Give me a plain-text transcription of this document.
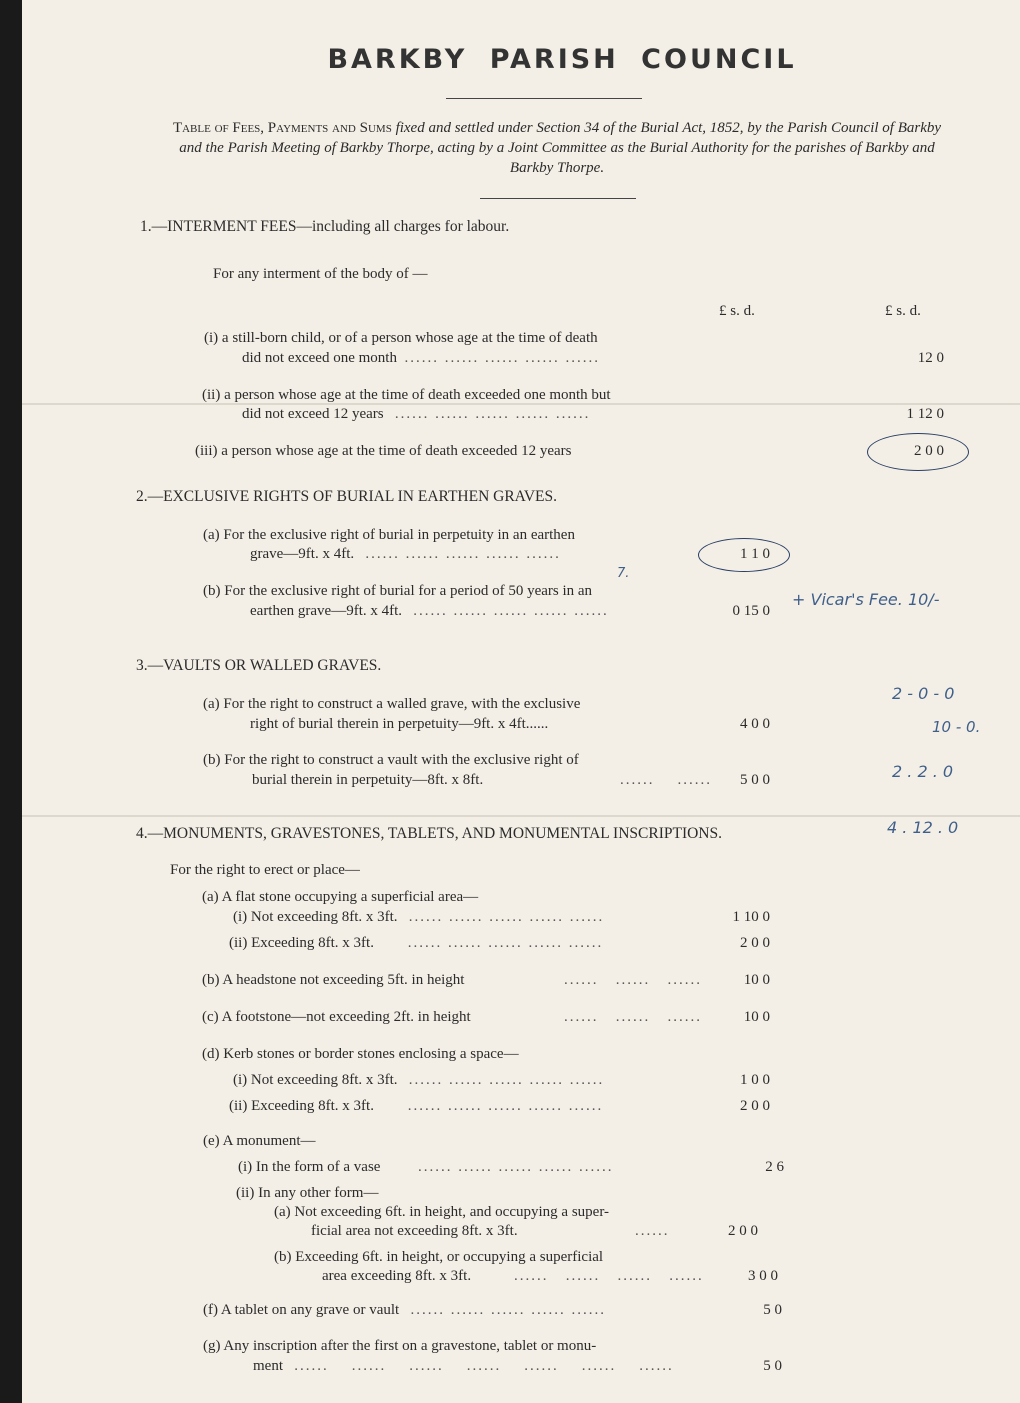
BARKBY PARISH COUNCIL
Table of Fees, Payments and Sums fixed and settled under Section 34 of the Burial Act, 1852, by the Parish Council of Barkby and the Parish Meeting of Barkby Thorpe, acting by a Joint Committee as the Burial Authority for the parishes of Barkby and Barkby Thorpe.
1.—INTERMENT FEES—including all charges for labour.
For any interment of the body of —
£ s. d.	£ s. d.
(i) a still-born child, or of a person whose age at the time of death
did not exceed one month ...... ...... ...... ...... ......	12 0
(ii) a person whose age at the time of death exceeded one month but
did not exceed 12 years ...... ...... ...... ...... ......	1 12 0
(iii) a person whose age at the time of death exceeded 12 years	2 0 0
2.—EXCLUSIVE RIGHTS OF BURIAL IN EARTHEN GRAVES.
(a) For the exclusive right of burial in perpetuity in an earthen
grave—9ft. x 4ft. ...... ...... ...... ...... ......	1 1 0
(b) For the exclusive right of burial for a period of 50 years in an
7.
earthen grave—9ft. x 4ft. ...... ...... ...... ...... ......	0 15 0
+ Vicar's Fee. 10/-
3.—VAULTS OR WALLED GRAVES.
(a) For the right to construct a walled grave, with the exclusive
right of burial therein in perpetuity—9ft. x 4ft......	4 0 0
(b) For the right to construct a vault with the exclusive right of
burial therein in perpetuity—8ft. x 8ft.	......    ...... 5 0 0
2 - 0 - 0
10 - 0.
2 . 2 . 0
4 . 12 . 0
4.—MONUMENTS, GRAVESTONES, TABLETS, AND MONUMENTAL INSCRIPTIONS.
For the right to erect or place—
(a) A flat stone occupying a superficial area—
(i) Not exceeding 8ft. x 3ft. ...... ...... ...... ...... ......	1 10 0
(ii) Exceeding 8ft. x 3ft. ...... ...... ...... ...... ......	2 0 0
(b) A headstone not exceeding 5ft. in height	......   ......   ......	10 0
(c) A footstone—not exceeding 2ft. in height	......   ......   ......	10 0
(d) Kerb stones or border stones enclosing a space—
(i) Not exceeding 8ft. x 3ft. ...... ...... ...... ...... ......	1 0 0
(ii) Exceeding 8ft. x 3ft. ...... ...... ...... ...... ......	2 0 0
(e) A monument—
(i) In the form of a vase	...... ...... ...... ...... ......	2 6
(ii) In any other form—
(a) Not exceeding 6ft. in height, and occupying a super-
ficial area not exceeding 8ft. x 3ft.	......	2 0 0
(b) Exceeding 6ft. in height, or occupying a superficial
area exceeding 8ft. x 3ft.	......   ......   ......   ......	3 0 0
(f) A tablet on any grave or vault ...... ...... ...... ...... ......	5 0
(g) Any inscription after the first on a gravestone, tablet or monu-
ment ......    ......    ......    ......    ......    ......    ......	5 0
